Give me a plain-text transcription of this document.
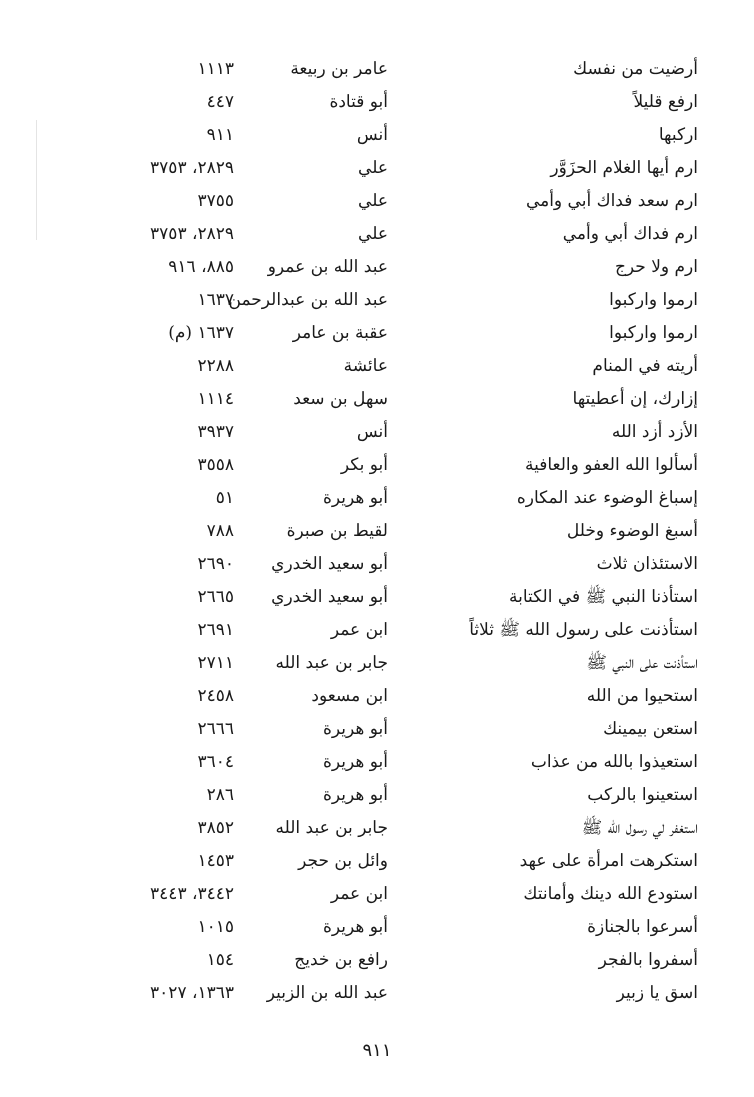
أرضيت من نفسك
عامر بن ربيعة
١١١٣
ارفع قليلاً
أبو قتادة
٤٤٧
اركبها
أنس
٩١١
ارم أيها الغلام الحزَوَّر
علي
٢٨٢٩، ٣٧٥٣
ارم سعد فداك أبي وأمي
علي
٣٧٥٥
ارم فداك أبي وأمي
علي
٢٨٢٩، ٣٧٥٣
ارم ولا حرج
عبد الله بن عمرو
٨٨٥، ٩١٦
ارموا واركبوا
عبد الله بن عبدالرحمن
١٦٣٧
ارموا واركبوا
عقبة بن عامر
١٦٣٧ (م)
أريته في المنام
عائشة
٢٢٨٨
إزارك، إن أعطيتها
سهل بن سعد
١١١٤
الأزد أزد الله
أنس
٣٩٣٧
أسألوا الله العفو والعافية
أبو بكر
٣٥٥٨
إسباغ الوضوء عند المكاره
أبو هريرة
٥١
أسبغ الوضوء وخلل
لقيط بن صبرة
٧٨٨
الاستئذان ثلاث
أبو سعيد الخدري
٢٦٩٠
استأذنا النبي ﷺ في الكتابة
أبو سعيد الخدري
٢٦٦٥
استأذنت على رسول الله ﷺ ثلاثاً
ابن عمر
٢٦٩١
استأذنت على النبي ﷺ
جابر بن عبد الله
٢٧١١
استحيوا من الله
ابن مسعود
٢٤٥٨
استعن بيمينك
أبو هريرة
٢٦٦٦
استعيذوا بالله من عذاب
أبو هريرة
٣٦٠٤
استعينوا بالركب
أبو هريرة
٢٨٦
استغفر لي رسول الله ﷺ
جابر بن عبد الله
٣٨٥٢
استكرهت امرأة على عهد
وائل بن حجر
١٤٥٣
استودع الله دينك وأمانتك
ابن عمر
٣٤٤٢، ٣٤٤٣
أسرعوا بالجنازة
أبو هريرة
١٠١٥
أسفروا بالفجر
رافع بن خديج
١٥٤
اسق يا زبير
عبد الله بن الزبير
١٣٦٣، ٣٠٢٧
٩١١
